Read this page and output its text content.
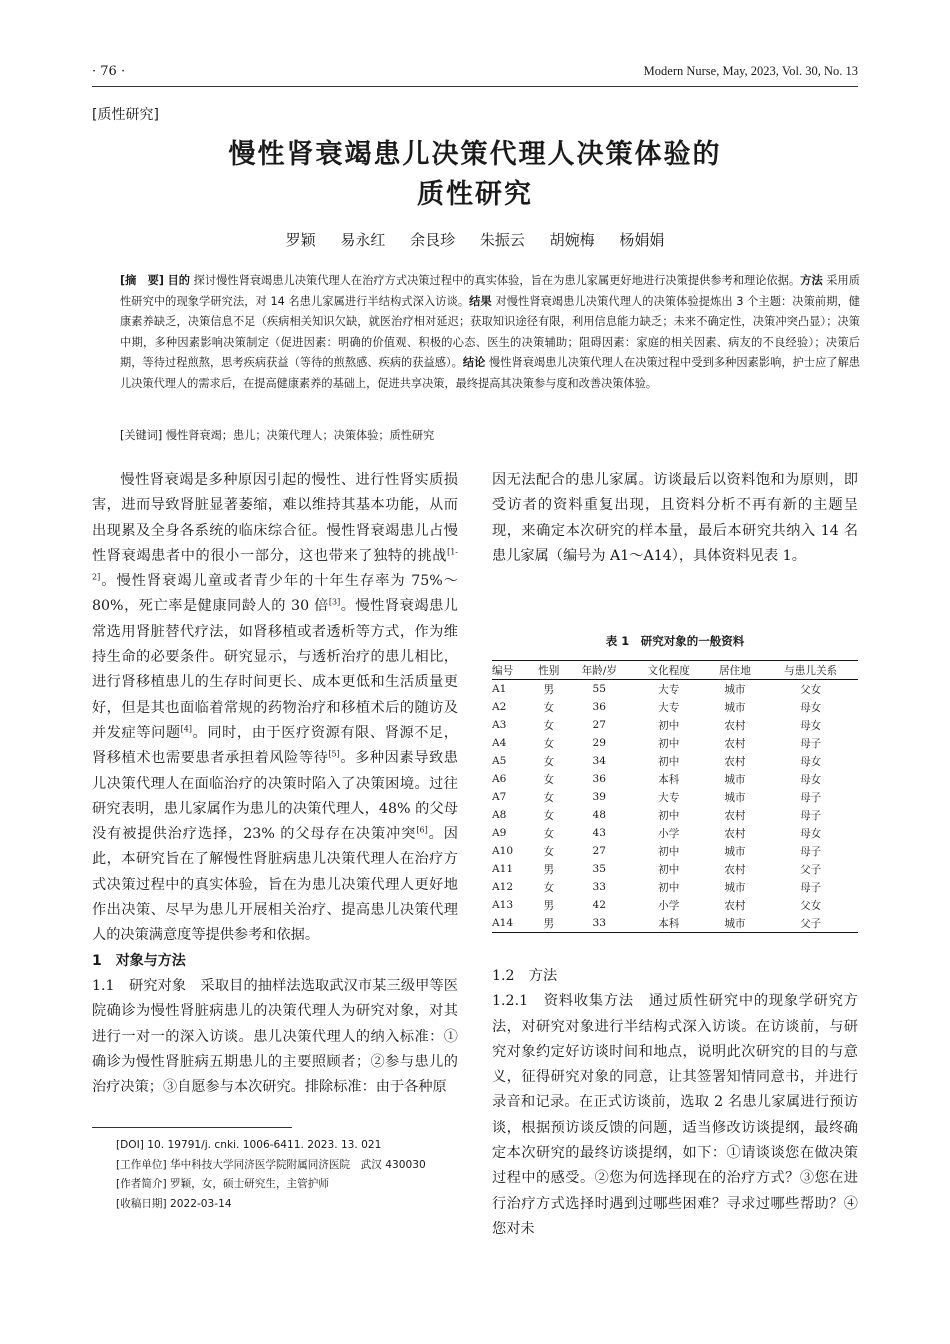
· 76 ·	Modern Nurse, May, 2023, Vol. 30, No. 13
[质性研究]
慢性肾衰竭患儿决策代理人决策体验的
质性研究
罗颖 易永红 余艮珍 朱振云 胡婉梅 杨娟娟
[摘　要] 目的 探讨慢性肾衰竭患儿决策代理人在治疗方式决策过程中的真实体验，旨在为患儿家属更好地进行决策提供参考和理论依据。方法 采用质性研究中的现象学研究法，对 14 名患儿家属进行半结构式深入访谈。结果 对慢性肾衰竭患儿决策代理人的决策体验提炼出 3 个主题：决策前期，健康素养缺乏，决策信息不足（疾病相关知识欠缺，就医治疗相对延迟；获取知识途径有限，利用信息能力缺乏；未来不确定性，决策冲突凸显）；决策中期，多种因素影响决策制定（促进因素：明确的价值观、积极的心态、医生的决策辅助；阻碍因素：家庭的相关因素、病友的不良经验）；决策后期，等待过程煎熬，思考疾病获益（等待的煎熬感、疾病的获益感）。结论 慢性肾衰竭患儿决策代理人在决策过程中受到多种因素影响，护士应了解患儿决策代理人的需求后，在提高健康素养的基础上，促进共享决策，最终提高其决策参与度和改善决策体验。
[关键词] 慢性肾衰竭；患儿；决策代理人；决策体验；质性研究

慢性肾衰竭是多种原因引起的慢性、进行性肾实质损害，进而导致肾脏显著萎缩，难以维持其基本功能，从而出现累及全身各系统的临床综合征。慢性肾衰竭患儿占慢性肾衰竭患者中的很小一部分，这也带来了独特的挑战[1-2]。慢性肾衰竭儿童或者青少年的十年生存率为 75%～80%，死亡率是健康同龄人的 30 倍[3]。慢性肾衰竭患儿常选用肾脏替代疗法，如肾移植或者透析等方式，作为维持生命的必要条件。研究显示，与透析治疗的患儿相比，进行肾移植患儿的生存时间更长、成本更低和生活质量更好，但是其也面临着常规的药物治疗和移植术后的随访及并发症等问题[4]。同时，由于医疗资源有限、肾源不足，肾移植术也需要患者承担着风险等待[5]。多种因素导致患儿决策代理人在面临治疗的决策时陷入了决策困境。过往研究表明，患儿家属作为患儿的决策代理人，48% 的父母没有被提供治疗选择，23% 的父母存在决策冲突[6]。因此，本研究旨在了解慢性肾脏病患儿决策代理人在治疗方式决策过程中的真实体验，旨在为患儿决策代理人更好地作出决策、尽早为患儿开展相关治疗、提高患儿决策代理人的决策满意度等提供参考和依据。

1　对象与方法

1.1　研究对象　 采取目的抽样法选取武汉市某三级甲等医院确诊为慢性肾脏病患儿的决策代理人为研究对象，对其进行一对一的深入访谈。患儿决策代理人的纳入标准：①确诊为慢性肾脏病五期患儿的主要照顾者；②参与患儿的治疗决策；③自愿参与本次研究。排除标准：由于各种原

表 1　研究对象的一般资料
编号	性别	年龄/岁	文化程度	居住地	与患儿关系
A1	男	55	大专	城市	父女
A2	女	36	大专	城市	母女
A3	女	27	初中	农村	母女
A4	女	29	初中	农村	母子
A5	女	34	初中	农村	母女
A6	女	36	本科	城市	母女
A7	女	39	大专	城市	母子
A8	女	48	初中	农村	母子
A9	女	43	小学	农村	母女
A10	女	27	初中	城市	母子
A11	男	35	初中	农村	父子
A12	女	33	初中	城市	母子
A13	男	42	小学	农村	父女
A14	男	33	本科	城市	父子

1.2　方法

1.2.1　资料收集方法　 通过质性研究中的现象学研究方法，对研究对象进行半结构式深入访谈。在访谈前，与研究对象约定好访谈时间和地点，说明此次研究的目的与意义，征得研究对象的同意，让其签署知情同意书，并进行录音和记录。在正式访谈前，选取 2 名患儿家属进行预访谈，根据预访谈反馈的问题，适当修改访谈提纲，最终确定本次研究的最终访谈提纲，如下：①请谈谈您在做决策过程中的感受。②您为何选择现在的治疗方式？③您在进行治疗方式选择时遇到过哪些困难？寻求过哪些帮助？④您对未

[DOI] 10. 19791/j. cnki. 1006-6411. 2023. 13. 021
[工作单位] 华中科技大学同济医学院附属同济医院　武汉 430030
[作者简介] 罗颖，女，硕士研究生，主管护师
[收稿日期] 2022-03-14

因无法配合的患儿家属。访谈最后以资料饱和为原则，即受访者的资料重复出现，且资料分析不再有新的主题呈现，来确定本次研究的样本量，最后本研究共纳入 14 名患儿家属（编号为 A1～A14），具体资料见表 1。
